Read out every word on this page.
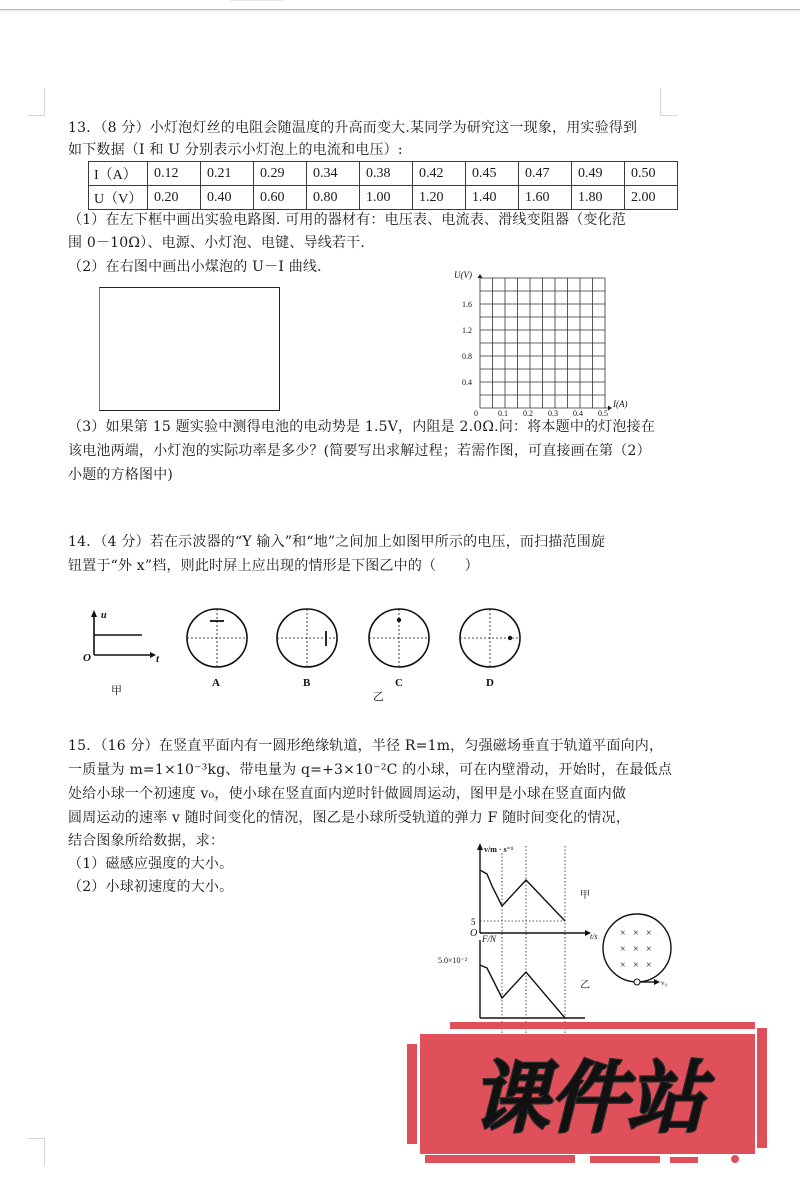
13．（8 分）小灯泡灯丝的电阻会随温度的升高而变大.某同学为研究这一现象，用实验得到
如下数据（I 和 U 分别表示小灯泡上的电流和电压）:
I（A）	0.12	0.21	0.29	0.34	0.38	0.42	0.45	0.47	0.49	0.50
U（V）	0.20	0.40	0.60	0.80	1.00	1.20	1.40	1.60	1.80	2.00
（1）在左下框中画出实验电路图. 可用的器材有：电压表、电流表、滑线变阻器（变化范
围 0－10Ω）、电源、小灯泡、电键、导线若干.
（2）在右图中画出小煤泡的 U－I 曲线.	U(V)
I(A)
0
0.4
0.8
1.2
1.6
0.1 0.2 0.3 0.4 0.5
（3）如果第 15 题实验中测得电池的电动势是 1.5V，内阻是 2.0Ω.问：将本题中的灯泡接在
该电池两端，小灯泡的实际功率是多少？(简要写出求解过程；若需作图，可直接画在第（2）
小题的方格图中)
14．（4 分）若在示波器的“Y 输入”和“地”之间加上如图甲所示的电压，而扫描范围旋
钮置于“外 x”档，则此时屏上应出现的情形是下图乙中的（　　）
u
t
O
甲
A	B	C	D
乙
15．（16 分）在竖直平面内有一圆形绝缘轨道，半径 R=1m，匀强磁场垂直于轨道平面向内，
一质量为 m=1×10⁻³kg、带电量为 q=+3×10⁻²C 的小球，可在内壁滑动，开始时，在最低点
处给小球一个初速度 v₀，使小球在竖直面内逆时针做圆周运动，图甲是小球在竖直面内做
圆周运动的速率 v 随时间变化的情况，图乙是小球所受轨道的弹力 F 随时间变化的情况，
结合图象所给数据，求：
（1）磁感应强度的大小。
（2）小球初速度的大小。
v/m · s⁻¹
t/s
5
O
甲
F/N
5.0×10⁻²
乙
× × ×
× × ×
× × ×
v₀
课件站
